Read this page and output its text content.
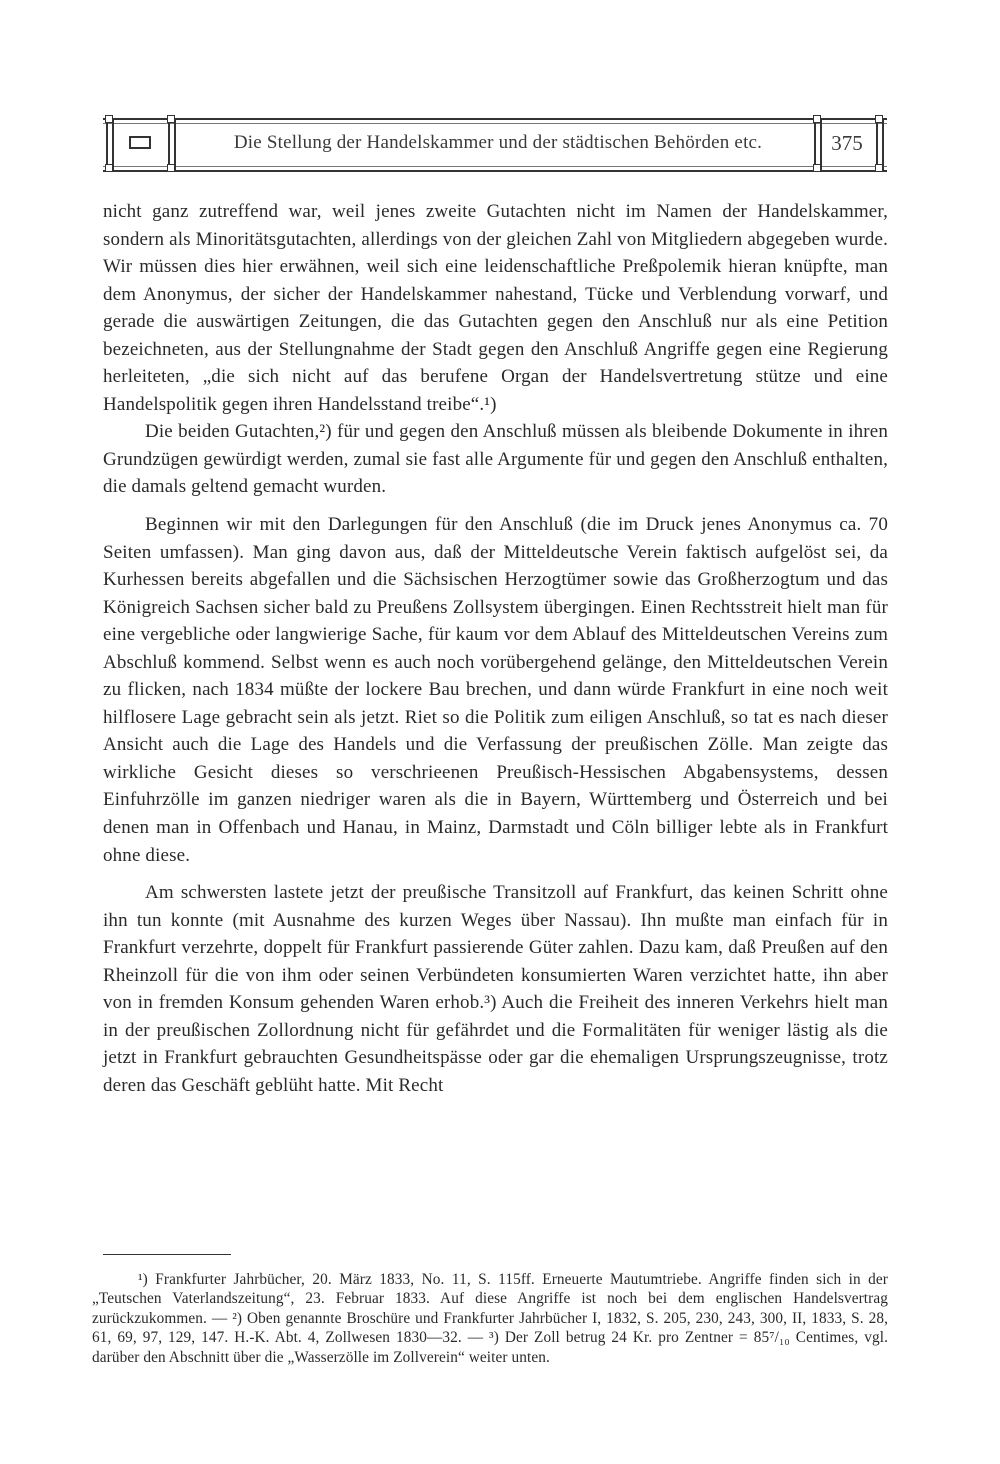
Die Stellung der Handelskammer und der städtischen Behörden etc.	375

nicht ganz zutreffend war, weil jenes zweite Gutachten nicht im Namen der Handelskammer, sondern als Minoritätsgutachten, allerdings von der gleichen Zahl von Mitgliedern abgegeben wurde. Wir müssen dies hier erwähnen, weil sich eine leidenschaftliche Preßpolemik hieran knüpfte, man dem Anonymus, der sicher der Handelskammer nahestand, Tücke und Verblendung vorwarf, und gerade die auswärtigen Zeitungen, die das Gutachten gegen den Anschluß nur als eine Petition bezeichneten, aus der Stellungnahme der Stadt gegen den Anschluß Angriffe gegen eine Regierung herleiteten, „die sich nicht auf das berufene Organ der Handelsvertretung stütze und eine Handelspolitik gegen ihren Handelsstand treibe“.¹)

Die beiden Gutachten,²) für und gegen den Anschluß müssen als bleibende Dokumente in ihren Grundzügen gewürdigt werden, zumal sie fast alle Argumente für und gegen den Anschluß enthalten, die damals geltend gemacht wurden.

Beginnen wir mit den Darlegungen für den Anschluß (die im Druck jenes Anonymus ca. 70 Seiten umfassen). Man ging davon aus, daß der Mitteldeutsche Verein faktisch aufgelöst sei, da Kurhessen bereits abgefallen und die Sächsischen Herzogtümer sowie das Großherzogtum und das Königreich Sachsen sicher bald zu Preußens Zollsystem übergingen. Einen Rechtsstreit hielt man für eine vergebliche oder langwierige Sache, für kaum vor dem Ablauf des Mitteldeutschen Vereins zum Abschluß kommend. Selbst wenn es auch noch vorübergehend gelänge, den Mitteldeutschen Verein zu flicken, nach 1834 müßte der lockere Bau brechen, und dann würde Frankfurt in eine noch weit hilflosere Lage gebracht sein als jetzt. Riet so die Politik zum eiligen Anschluß, so tat es nach dieser Ansicht auch die Lage des Handels und die Verfassung der preußischen Zölle. Man zeigte das wirkliche Gesicht dieses so verschrieenen Preußisch-Hessischen Abgabensystems, dessen Einfuhrzölle im ganzen niedriger waren als die in Bayern, Württemberg und Österreich und bei denen man in Offenbach und Hanau, in Mainz, Darmstadt und Cöln billiger lebte als in Frankfurt ohne diese.

Am schwersten lastete jetzt der preußische Transitzoll auf Frankfurt, das keinen Schritt ohne ihn tun konnte (mit Ausnahme des kurzen Weges über Nassau). Ihn mußte man einfach für in Frankfurt verzehrte, doppelt für Frankfurt passierende Güter zahlen. Dazu kam, daß Preußen auf den Rheinzoll für die von ihm oder seinen Verbündeten konsumierten Waren verzichtet hatte, ihn aber von in fremden Konsum gehenden Waren erhob.³) Auch die Freiheit des inneren Verkehrs hielt man in der preußischen Zollordnung nicht für gefährdet und die Formalitäten für weniger lästig als die jetzt in Frankfurt gebrauchten Gesundheitspässe oder gar die ehemaligen Ursprungszeugnisse, trotz deren das Geschäft geblüht hatte. Mit Recht

¹) Frankfurter Jahrbücher, 20. März 1833, No. 11, S. 115ff. Erneuerte Mautumtriebe. Angriffe finden sich in der „Teutschen Vaterlandszeitung“, 23. Februar 1833. Auf diese Angriffe ist noch bei dem englischen Handelsvertrag zurückzukommen. — ²) Oben genannte Broschüre und Frankfurter Jahrbücher I, 1832, S. 205, 230, 243, 300, II, 1833, S. 28, 61, 69, 97, 129, 147. H.-K. Abt. 4, Zollwesen 1830—32. — ³) Der Zoll betrug 24 Kr. pro Zentner = 85⁷/₁₀ Centimes, vgl. darüber den Abschnitt über die „Wasserzölle im Zollverein“ weiter unten.
